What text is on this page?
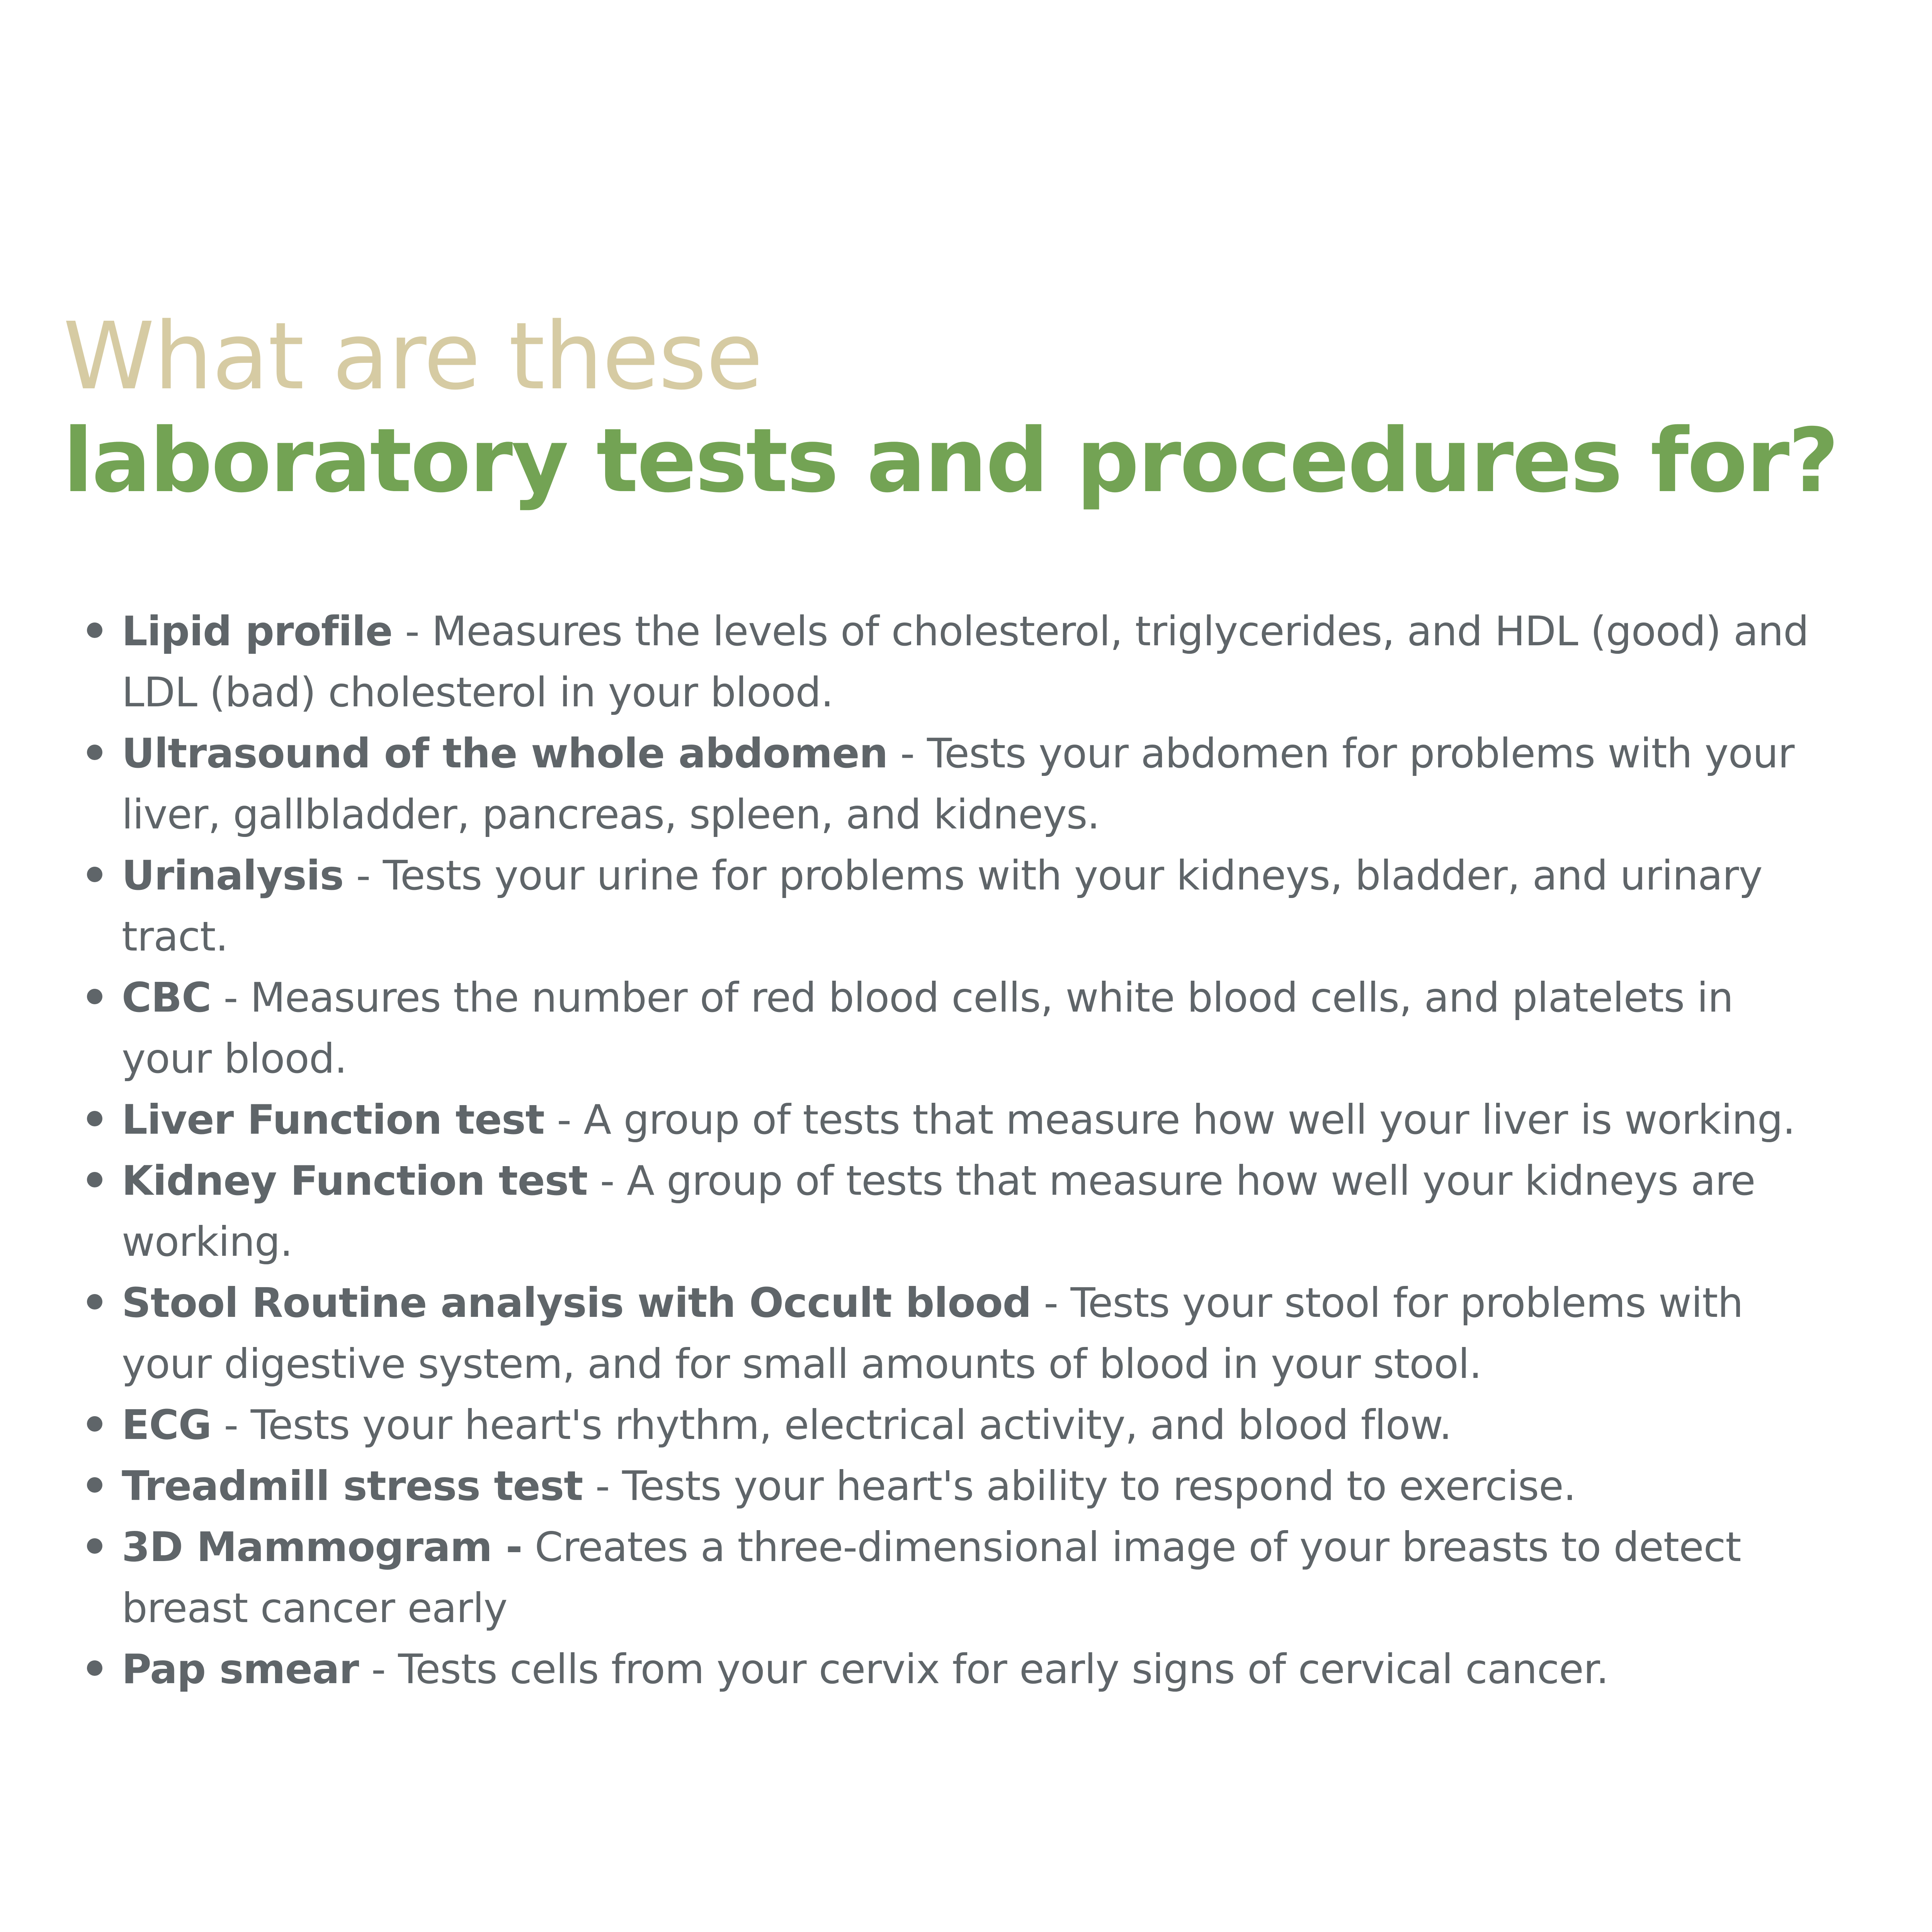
What are these
laboratory tests and procedures for?
Lipid profile - Measures the levels of cholesterol, triglycerides, and HDL (good) and LDL (bad) cholesterol in your blood.
Ultrasound of the whole abdomen - Tests your abdomen for problems with your liver, gallbladder, pancreas, spleen, and kidneys.
Urinalysis - Tests your urine for problems with your kidneys, bladder, and urinary tract.
CBC - Measures the number of red blood cells, white blood cells, and platelets in your blood.
Liver Function test - A group of tests that measure how well your liver is working.
Kidney Function test - A group of tests that measure how well your kidneys are working.
Stool Routine analysis with Occult blood - Tests your stool for problems with your digestive system, and for small amounts of blood in your stool.
ECG - Tests your heart's rhythm, electrical activity, and blood flow.
Treadmill stress test - Tests your heart's ability to respond to exercise.
3D Mammogram - Creates a three-dimensional image of your breasts to detect breast cancer early
Pap smear - Tests cells from your cervix for early signs of cervical cancer.
